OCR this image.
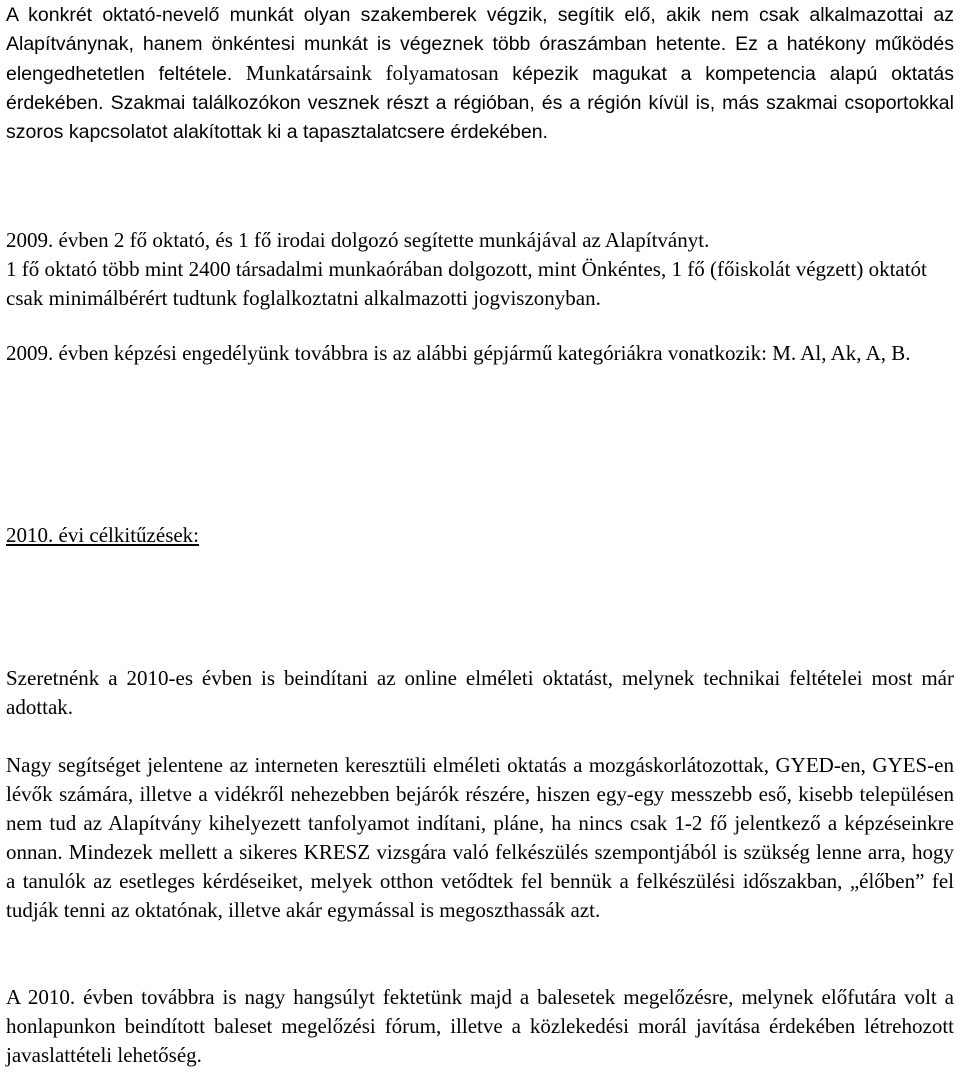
A konkrét oktató-nevelő munkát olyan szakemberek végzik, segítik elő, akik nem csak alkalmazottai az Alapítványnak, hanem önkéntesi munkát is végeznek több óraszámban hetente. Ez a hatékony működés elengedhetetlen feltétele. Munkatársaink folyamatosan képezik magukat a kompetencia alapú oktatás érdekében. Szakmai találkozókon vesznek részt a régióban, és a régión kívül is, más szakmai csoportokkal szoros kapcsolatot alakítottak ki a tapasztalatcsere érdekében.

2009. évben 2 fő oktató, és 1 fő irodai dolgozó segítette munkájával az Alapítványt.
1 fő oktató több mint 2400 társadalmi munkaórában dolgozott, mint Önkéntes, 1 fő (főiskolát végzett) oktatót csak minimálbérért tudtunk foglalkoztatni alkalmazotti jogviszonyban.

2009. évben képzési engedélyünk továbbra is az alábbi gépjármű kategóriákra vonatkozik: M. Al, Ak, A, B.

2010. évi célkitűzések:

Szeretnénk a 2010-es évben is beindítani az online elméleti oktatást, melynek technikai feltételei most már adottak.

Nagy segítséget jelentene az interneten keresztüli elméleti oktatás a mozgáskorlátozottak, GYED-en, GYES-en lévők számára, illetve a vidékről nehezebben bejárók részére, hiszen egy-egy messzebb eső, kisebb településen nem tud az Alapítvány kihelyezett tanfolyamot indítani, pláne, ha nincs csak 1-2 fő jelentkező a képzéseinkre onnan. Mindezek mellett a sikeres KRESZ vizsgára való felkészülés szempontjából is szükség lenne arra, hogy a tanulók az esetleges kérdéseiket, melyek otthon vetődtek fel bennük a felkészülési időszakban, „élőben” fel tudják tenni az oktatónak, illetve akár egymással is megoszthassák azt.

A 2010. évben továbbra is nagy hangsúlyt fektetünk majd a balesetek megelőzésre, melynek előfutára volt a honlapunkon beindított baleset megelőzési fórum, illetve a közlekedési morál javítása érdekében létrehozott javaslattételi lehetőség.
